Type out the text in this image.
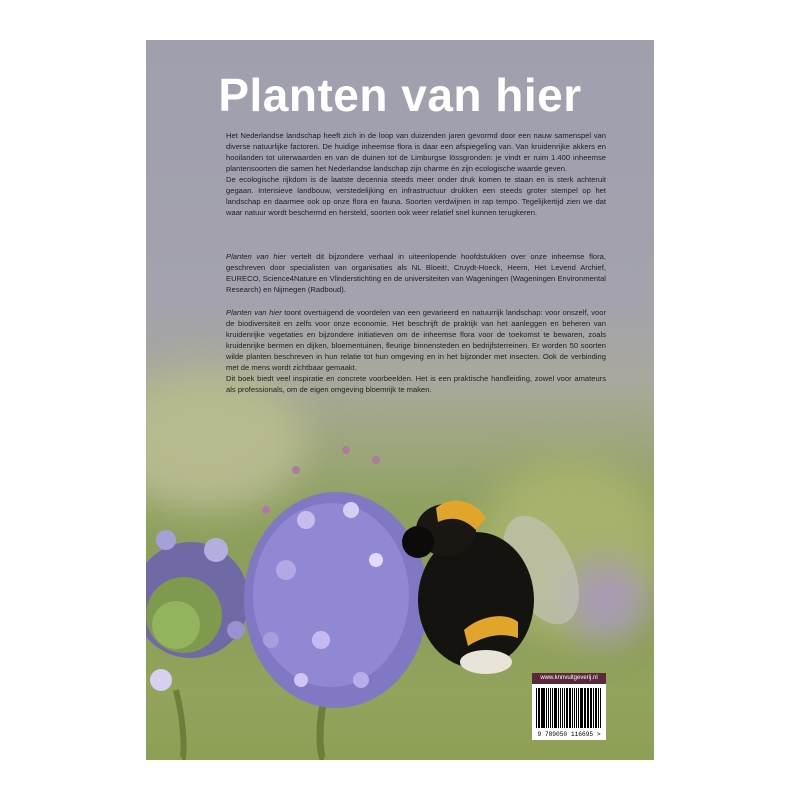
Planten van hier

Het Nederlandse landschap heeft zich in de loop van duizenden jaren gevormd door een nauw samenspel van diverse natuurlijke factoren. De huidige inheemse flora is daar een afspiegeling van. Van kruidenrijke akkers en hooilanden tot uiterwaarden en van de duinen tot de Limburgse lössgronden: je vindt er ruim 1.400 inheemse plantensoorten die samen het Nederlandse landschap zijn charme én zijn ecologische waarde geven.

De ecologische rijkdom is de laatste decennia steeds meer onder druk komen te staan en is sterk achteruit gegaan. Intensieve landbouw, verstedelijking en infrastructuur drukken een steeds groter stempel op het landschap en daarmee ook op onze flora en fauna. Soorten verdwijnen in rap tempo. Tegelijkertijd zien we dat waar natuur wordt beschermd en hersteld, soorten ook weer relatief snel kunnen terugkeren.

Planten van hier vertelt dit bijzondere verhaal in uiteenlopende hoofdstukken over onze inheemse flora, geschreven door specialisten van organisaties als NL Bloeit!, Cruydt-Hoeck, Heem, Het Levend Archief, EURECO, Science4Nature en Vlinderstichting en de universiteiten van Wageningen (Wageningen Environmental Research) en Nijmegen (Radboud).

Planten van hier toont overtuigend de voordelen van een gevarieerd en natuurrijk landschap: voor onszelf, voor de biodiversiteit en zelfs voor onze economie. Het beschrijft de praktijk van het aanleggen en beheren van kruidenrijke vegetaties en bijzondere initiatieven om de inheemse flora voor de toekomst te bewaren, zoals kruidenrijke bermen en dijken, bloementuinen, fleurige binnensteden en bedrijfsterreinen. Er worden 50 soorten wilde planten beschreven in hun relatie tot hun omgeving en in het bijzonder met insecten. Ook de verbinding met de mens wordt zichtbaar gemaakt.

Dit boek biedt veel inspiratie en concrete voorbeelden. Het is een praktische handleiding, zowel voor amateurs als professionals, om de eigen omgeving bloemrijk te maken.

www.knnvuitgeverij.nl
9 789050 116695 >
